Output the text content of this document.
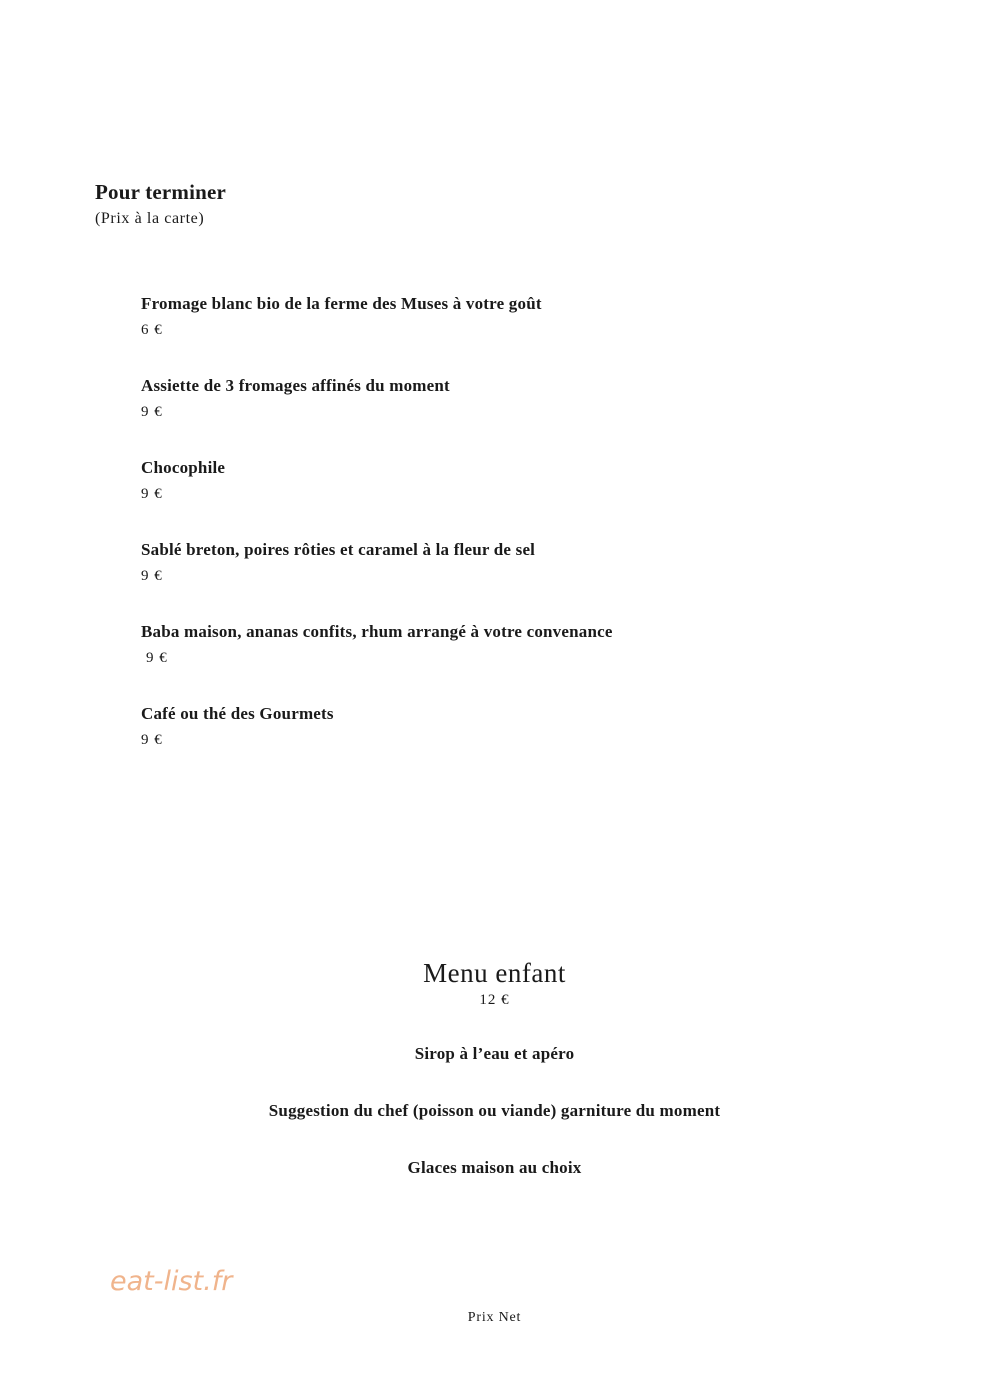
Pour terminer
(Prix à la carte)
Fromage blanc bio de la ferme des Muses à votre goût
6 €
Assiette de 3 fromages affinés du moment
9 €
Chocophile
9 €
Sablé breton, poires rôties et caramel à la fleur de sel
9 €
Baba maison, ananas confits, rhum arrangé à votre convenance
9 €
Café ou thé des Gourmets
9 €
Menu enfant
12 €
Sirop à l’eau et apéro
Suggestion du chef (poisson ou viande) garniture du moment
Glaces maison au choix
eat-list.fr
Prix Net
